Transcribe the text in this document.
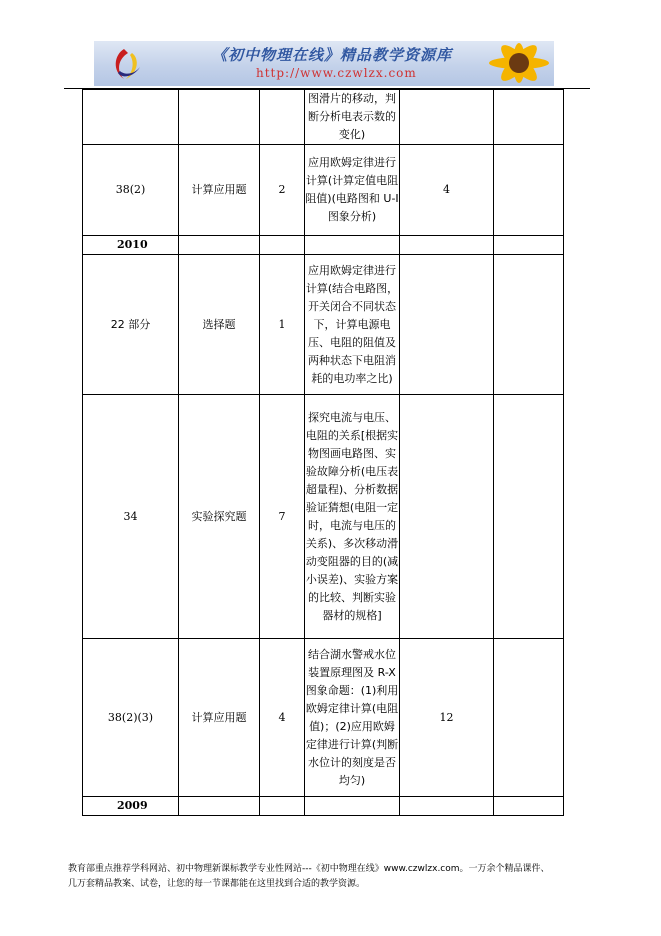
《初中物理在线》精品教学资源库
http://www.czwlzx.com
			图滑片的移动，判断分析电表示数的变化)		
38(2)	计算应用题	2	应用欧姆定律进行计算(计算定值电阻阻值)(电路图和 U-I 图象分析)	4	
2010					
22 部分	选择题	1	应用欧姆定律进行计算(结合电路图，开关闭合不同状态下，计算电源电压、电阻的阻值及两种状态下电阻消耗的电功率之比)		
34	实验探究题	7	探究电流与电压、电阻的关系[根据实物图画电路图、实验故障分析(电压表超量程)、分析数据验证猜想(电阻一定时，电流与电压的关系)、多次移动滑动变阻器的目的(减小误差)、实验方案的比较、判断实验器材的规格]		
38(2)(3)	计算应用题	4	结合湖水警戒水位装置原理图及 R-X 图象命题：(1)利用欧姆定律计算(电阻值)；(2)应用欧姆定律进行计算(判断水位计的刻度是否均匀)	12	
2009					

教育部重点推荐学科网站、初中物理新课标教学专业性网站---《初中物理在线》www.czwlzx.com。一万余个精品课件、

几万套精品教案、试卷，让您的每一节课都能在这里找到合适的教学资源。
